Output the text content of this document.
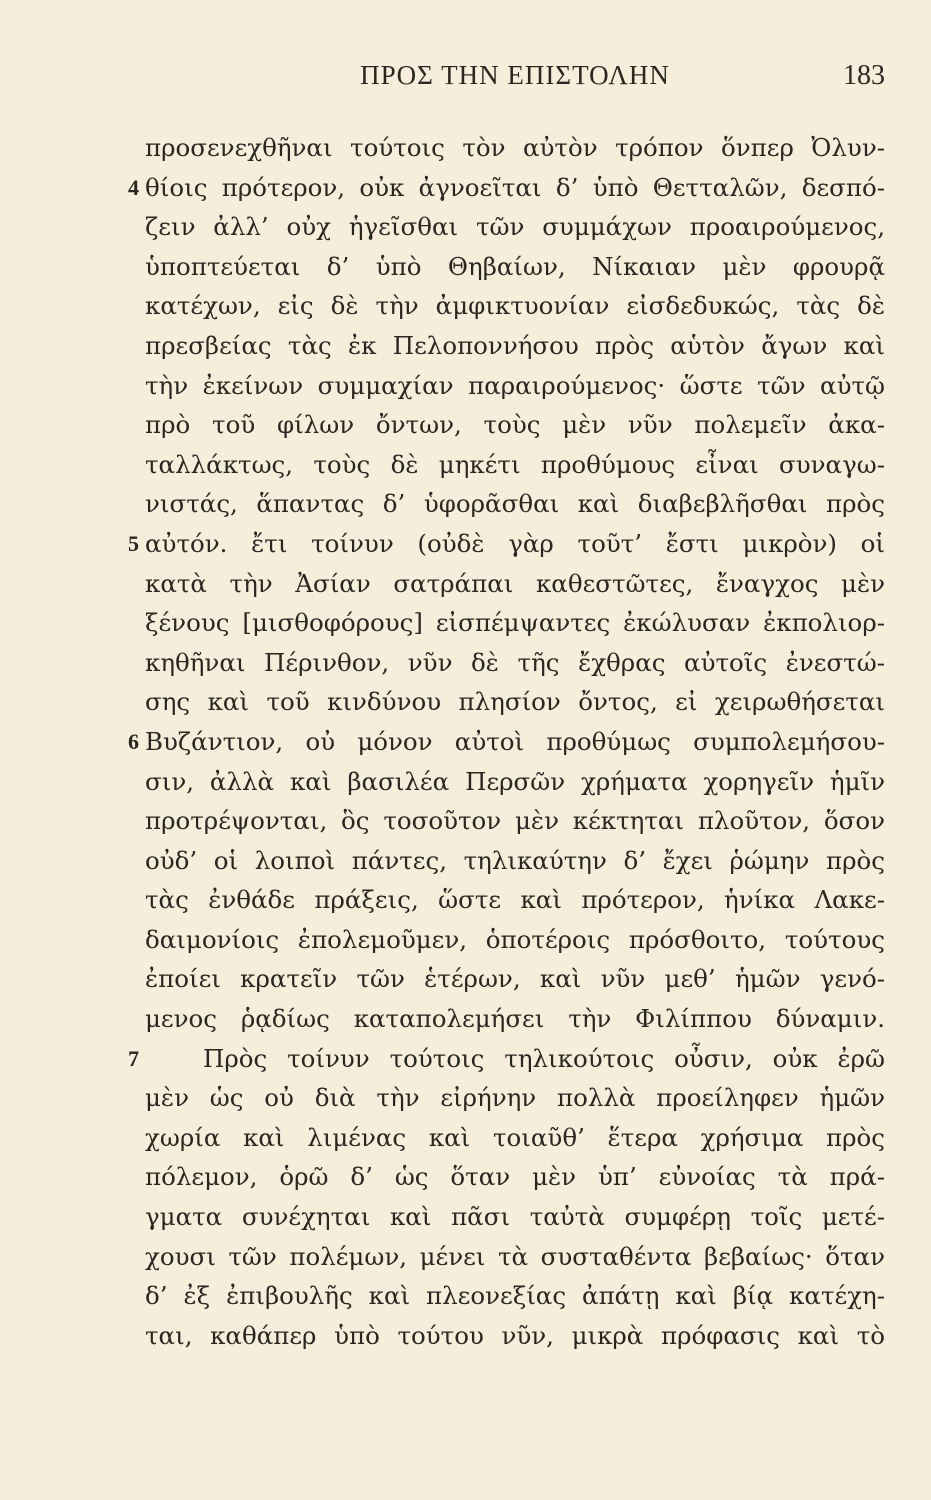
ΠΡΟΣ ΤΗΝ ΕΠΙΣΤΟΛΗΝ	183
προσενεχθῆναι τούτοις τὸν αὐτὸν τρόπον ὅνπερ Ὀλυν-
4 θίοις πρότερον, οὐκ ἀγνοεῖται δ’ ὑπὸ Θετταλῶν, δεσπό-
ζειν ἀλλ’ οὐχ ἡγεῖσθαι τῶν συμμάχων προαιρούμενος,
ὑποπτεύεται δ’ ὑπὸ Θηβαίων, Νίκαιαν μὲν φρουρᾷ
κατέχων, εἰς δὲ τὴν ἀμφικτυονίαν εἰσδεδυκώς, τὰς δὲ
πρεσβείας τὰς ἐκ Πελοποννήσου πρὸς αὑτὸν ἄγων καὶ
τὴν ἐκείνων συμμαχίαν παραιρούμενος· ὥστε τῶν αὐτῷ
πρὸ τοῦ φίλων ὄντων, τοὺς μὲν νῦν πολεμεῖν ἀκα-
ταλλάκτως, τοὺς δὲ μηκέτι προθύμους εἶναι συναγω-
νιστάς, ἅπαντας δ’ ὑφορᾶσθαι καὶ διαβεβλῆσθαι πρὸς
5 αὐτόν. ἔτι τοίνυν (οὐδὲ γὰρ τοῦτ’ ἔστι μικρὸν) οἱ
κατὰ τὴν Ἀσίαν σατράπαι καθεστῶτες, ἔναγχος μὲν
ξένους [μισθοφόρους] εἰσπέμψαντες ἐκώλυσαν ἐκπολιορ-
κηθῆναι Πέρινθον, νῦν δὲ τῆς ἔχθρας αὐτοῖς ἐνεστώ-
σης καὶ τοῦ κινδύνου πλησίον ὄντος, εἰ χειρωθήσεται
6 Βυζάντιον, οὐ μόνον αὐτοὶ προθύμως συμπολεμήσου-
σιν, ἀλλὰ καὶ βασιλέα Περσῶν χρήματα χορηγεῖν ἡμῖν
προτρέψονται, ὃς τοσοῦτον μὲν κέκτηται πλοῦτον, ὅσον
οὐδ’ οἱ λοιποὶ πάντες, τηλικαύτην δ’ ἔχει ῥώμην πρὸς
τὰς ἐνθάδε πράξεις, ὥστε καὶ πρότερον, ἡνίκα Λακε-
δαιμονίοις ἐπολεμοῦμεν, ὁποτέροις πρόσθοιτο, τούτους
ἐποίει κρατεῖν τῶν ἑτέρων, καὶ νῦν μεθ’ ἡμῶν γενό-
μενος ῥᾳδίως καταπολεμήσει τὴν Φιλίππου δύναμιν.
7	Πρὸς τοίνυν τούτοις τηλικούτοις οὖσιν, οὐκ ἐρῶ
μὲν ὡς οὐ διὰ τὴν εἰρήνην πολλὰ προείληφεν ἡμῶν
χωρία καὶ λιμένας καὶ τοιαῦθ’ ἕτερα χρήσιμα πρὸς
πόλεμον, ὁρῶ δ’ ὡς ὅταν μὲν ὑπ’ εὐνοίας τὰ πρά-
γματα συνέχηται καὶ πᾶσι ταὐτὰ συμφέρῃ τοῖς μετέ-
χουσι τῶν πολέμων, μένει τὰ συσταθέντα βεβαίως· ὅταν
δ’ ἐξ ἐπιβουλῆς καὶ πλεονεξίας ἀπάτῃ καὶ βίᾳ κατέχη-
ται, καθάπερ ὑπὸ τούτου νῦν, μικρὰ πρόφασις καὶ τὸ
